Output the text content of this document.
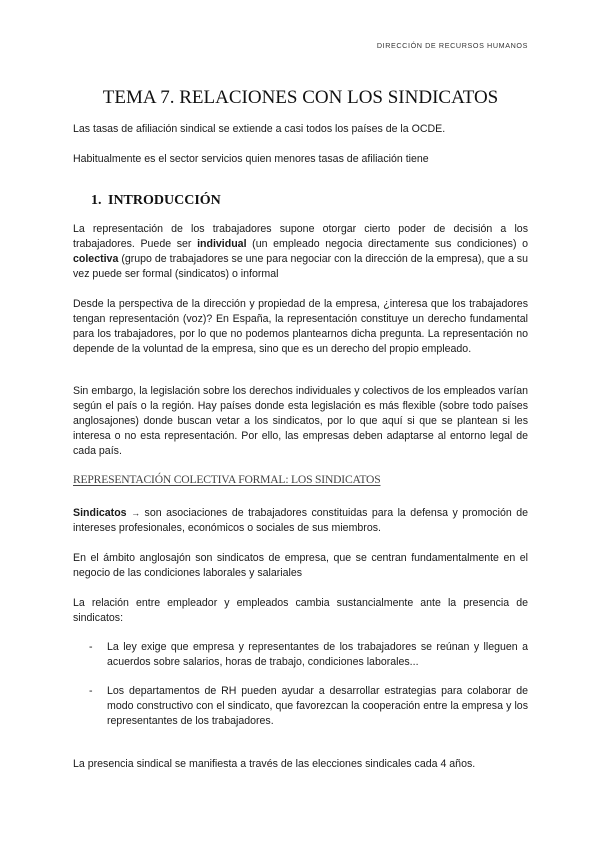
DIRECCIÓN DE RECURSOS HUMANOS
TEMA 7. RELACIONES CON LOS SINDICATOS

Las tasas de afiliación sindical se extiende a casi todos los países de la OCDE.

Habitualmente es el sector servicios quien menores tasas de afiliación tiene

1. INTRODUCCIÓN

La representación de los trabajadores supone otorgar cierto poder de decisión a los trabajadores. Puede ser individual (un empleado negocia directamente sus condiciones) o colectiva (grupo de trabajadores se une para negociar con la dirección de la empresa), que a su vez puede ser formal (sindicatos) o informal

Desde la perspectiva de la dirección y propiedad de la empresa, ¿interesa que los trabajadores tengan representación (voz)? En España, la representación constituye un derecho fundamental para los trabajadores, por lo que no podemos plantearnos dicha pregunta. La representación no depende de la voluntad de la empresa, sino que es un derecho del propio empleado.

Sin embargo, la legislación sobre los derechos individuales y colectivos de los empleados varían según el país o la región. Hay países donde esta legislación es más flexible (sobre todo países anglosajones) donde buscan vetar a los sindicatos, por lo que aquí si que se plantean si les interesa o no esta representación. Por ello, las empresas deben adaptarse al entorno legal de cada país.

REPRESENTACIÓN COLECTIVA FORMAL: LOS SINDICATOS

Sindicatos → son asociaciones de trabajadores constituidas para la defensa y promoción de intereses profesionales, económicos o sociales de sus miembros.

En el ámbito anglosajón son sindicatos de empresa, que se centran fundamentalmente en el negocio de las condiciones laborales y salariales

La relación entre empleador y empleados cambia sustancialmente ante la presencia de sindicatos:

-	La ley exige que empresa y representantes de los trabajadores se reúnan y lleguen a acuerdos sobre salarios, horas de trabajo, condiciones laborales...
-	Los departamentos de RH pueden ayudar a desarrollar estrategias para colaborar de modo constructivo con el sindicato, que favorezcan la cooperación entre la empresa y los representantes de los trabajadores.

La presencia sindical se manifiesta a través de las elecciones sindicales cada 4 años.
